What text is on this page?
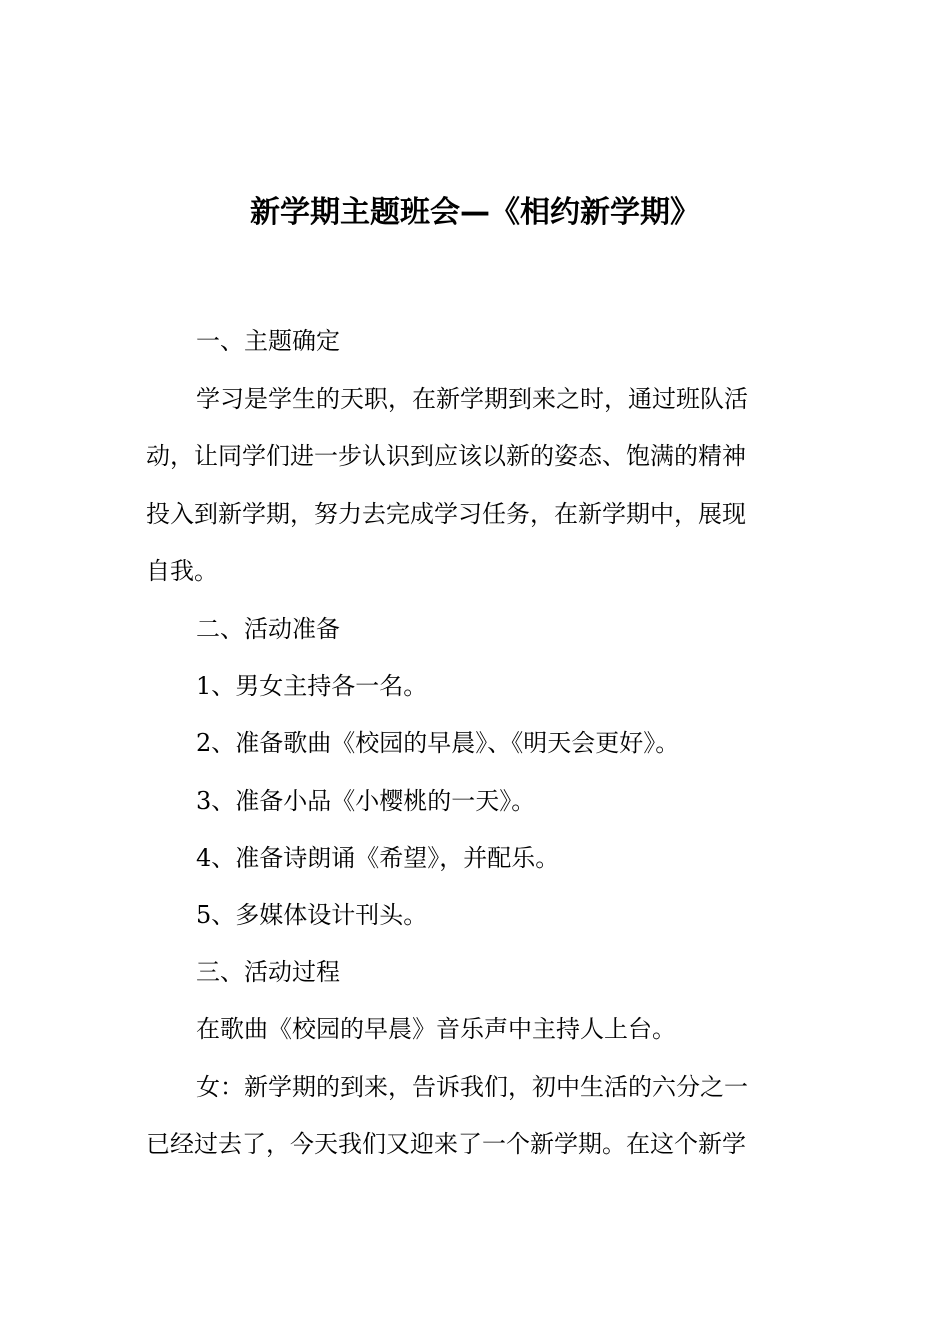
新学期主题班会—《相约新学期》
一、主题确定
学习是学生的天职，在新学期到来之时，通过班队活
动，让同学们进一步认识到应该以新的姿态、饱满的精神
投入到新学期，努力去完成学习任务，在新学期中，展现
自我。
二、活动准备
1、男女主持各一名。
2、准备歌曲《校园的早晨》、《明天会更好》。
3、准备小品《小樱桃的一天》。
4、准备诗朗诵《希望》，并配乐。
5、多媒体设计刊头。
三、活动过程
在歌曲《校园的早晨》音乐声中主持人上台。
女：新学期的到来，告诉我们，初中生活的六分之一
已经过去了，今天我们又迎来了一个新学期。在这个新学
